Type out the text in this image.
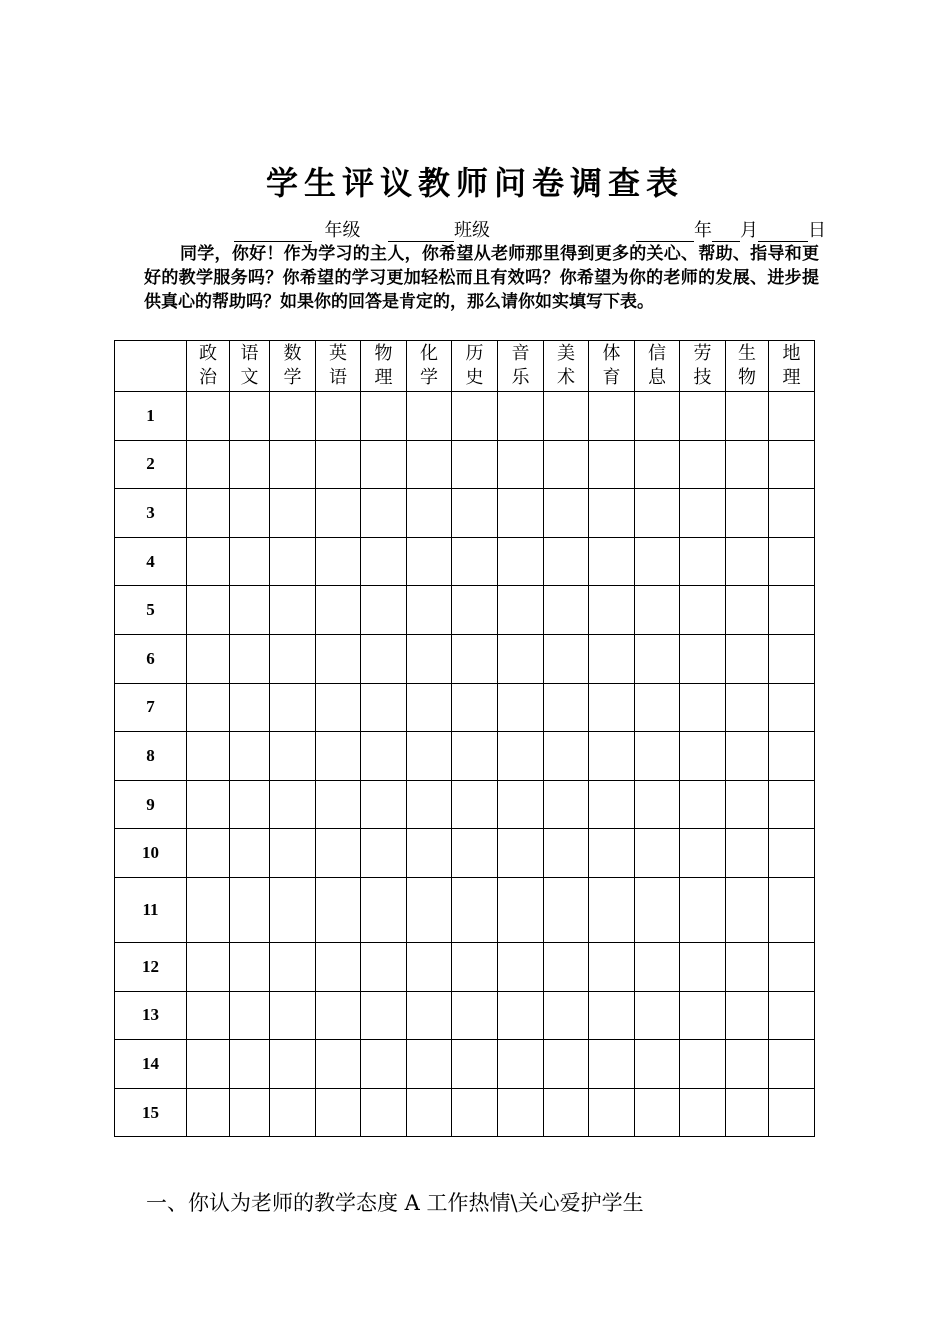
学生评议教师问卷调查表
年级	班级	年 月	日
同学，你好！作为学习的主人，你希望从老师那里得到更多的关心、帮助、指导和更好的教学服务吗？你希望的学习更加轻松而且有效吗？你希望为你的老师的发展、进步提供真心的帮助吗？如果你的回答是肯定的，那么请你如实填写下表。

	政治	语文	数学	英语	物理	化学	历史	音乐	美术	体育	信息	劳技	生物	地理

1														
2														
3														
4														
5														
6														
7														
8														
9														
10														
11														
12														
13														
14														
15														
一、你认为老师的教学态度 A 工作热情\关心爱护学生
